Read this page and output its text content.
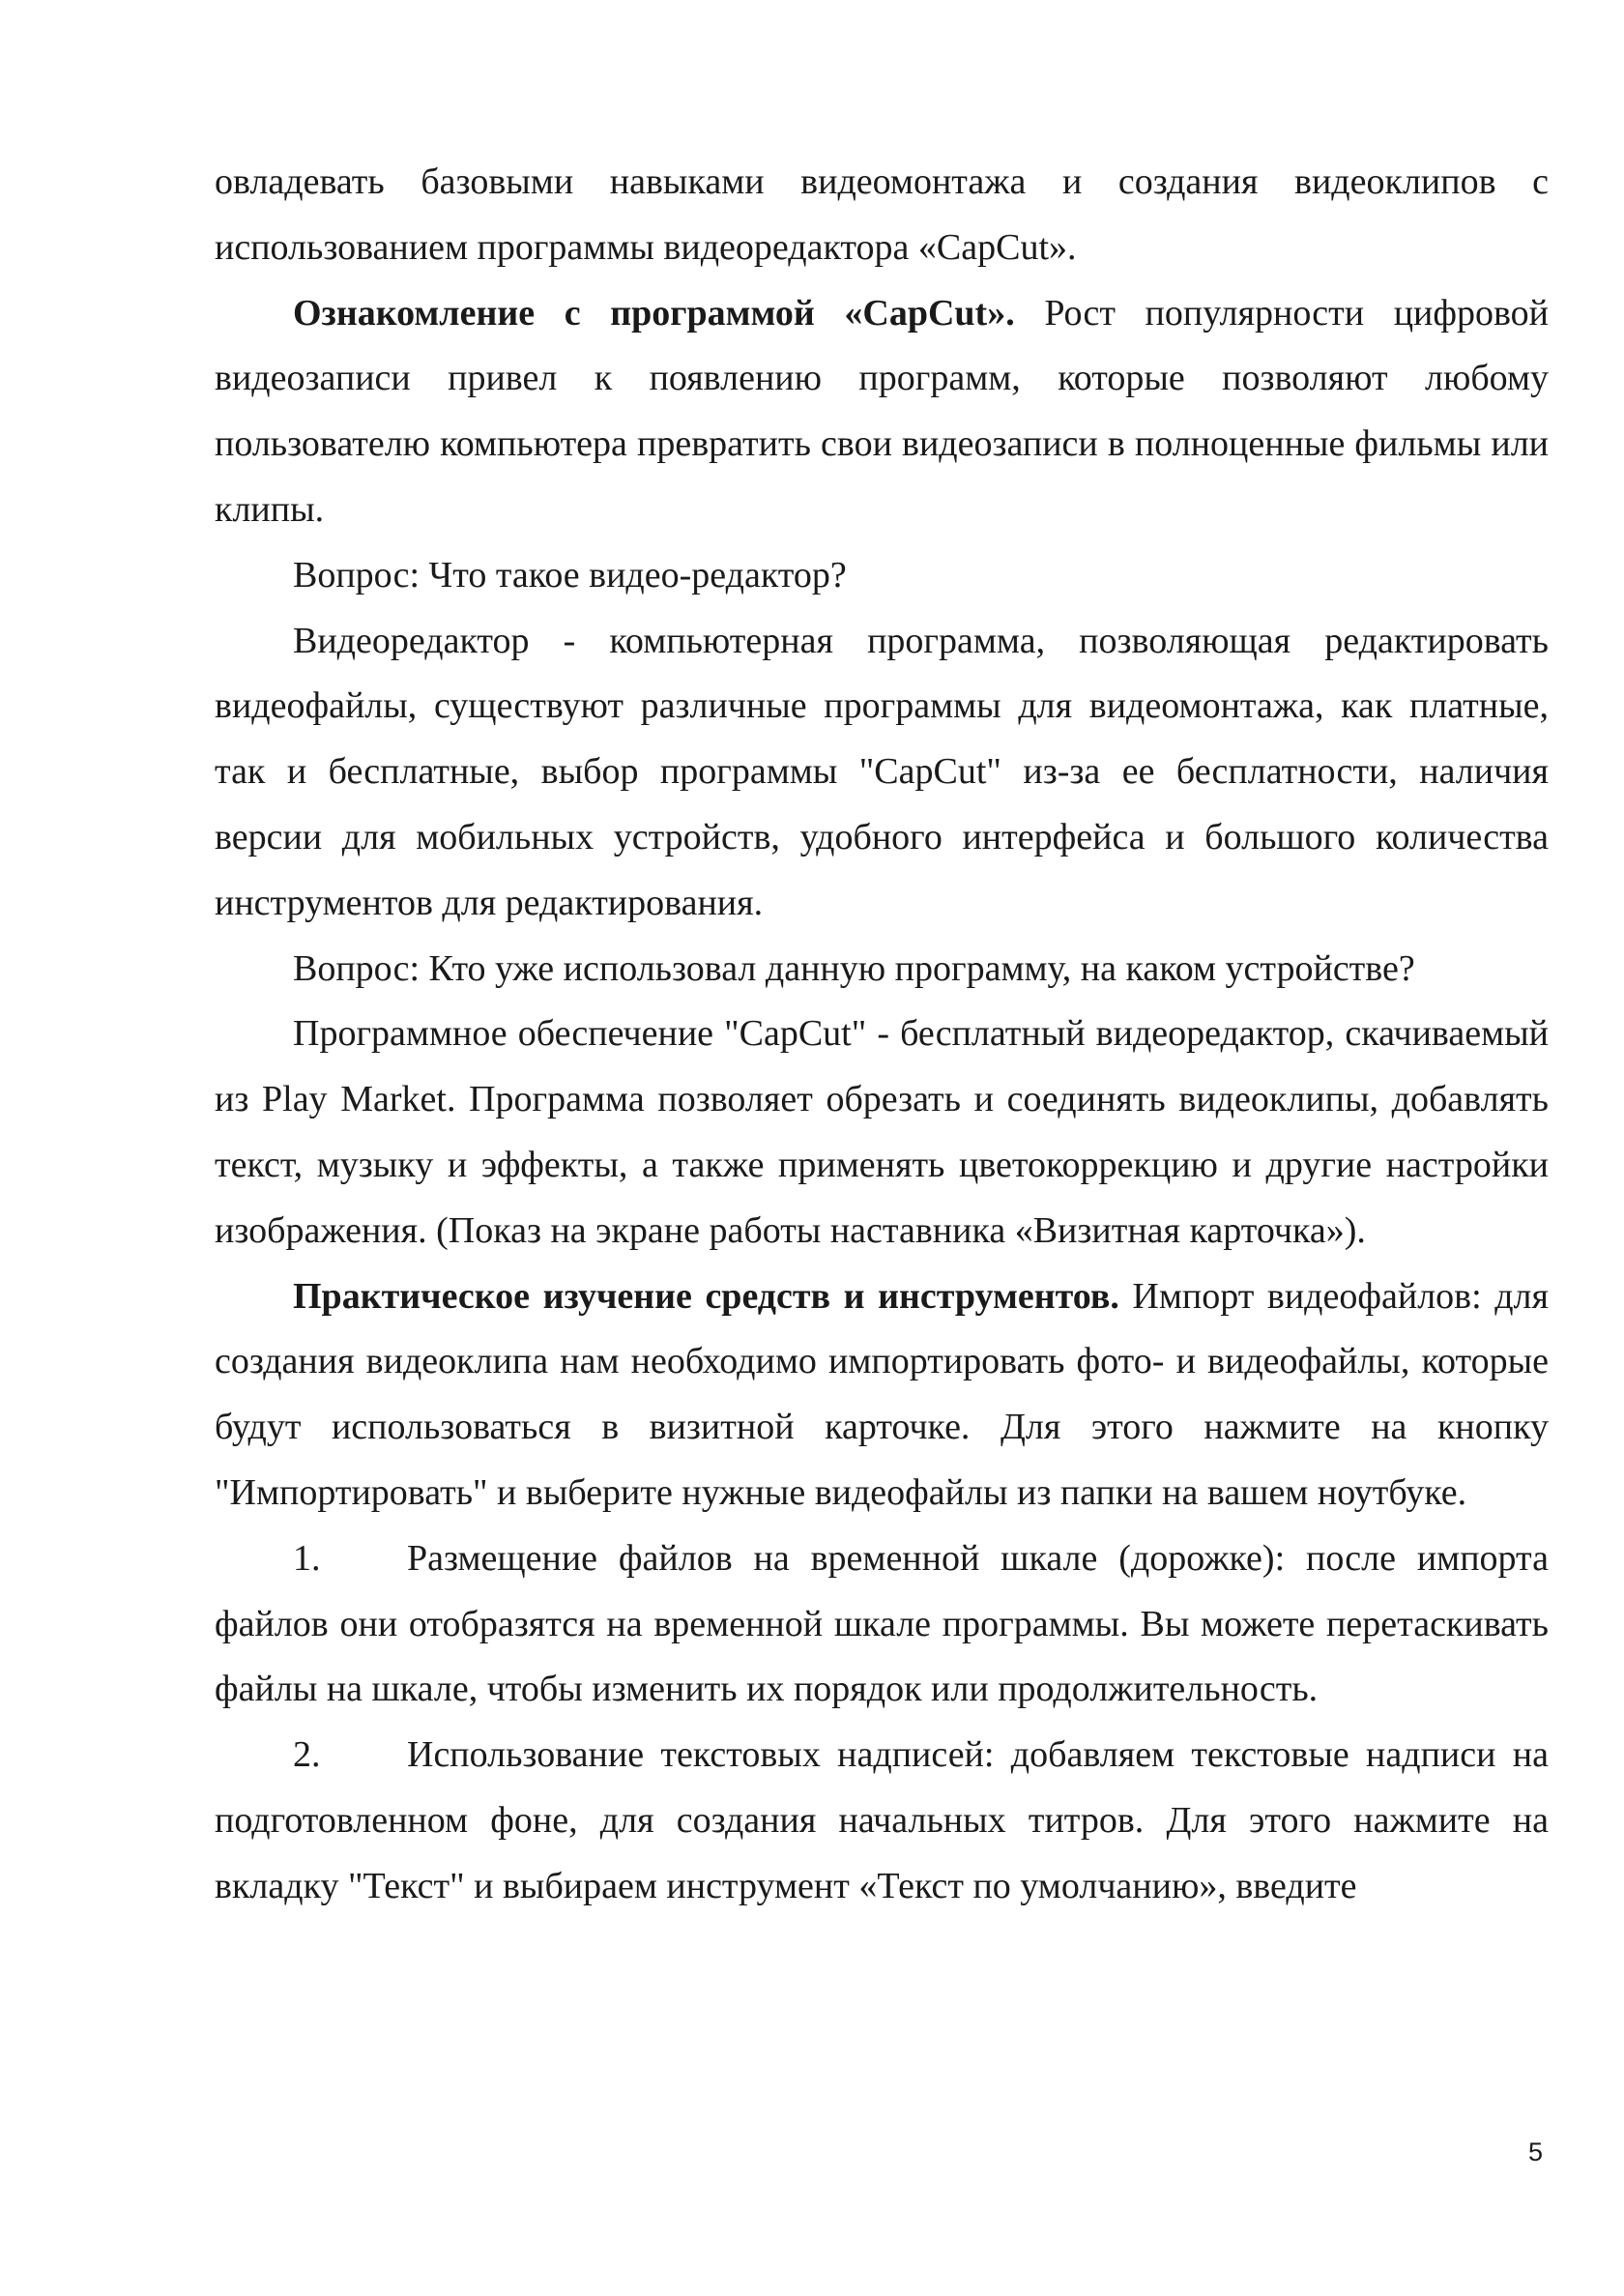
овладевать базовыми навыками видеомонтажа и создания видеоклипов с использованием программы видеоредактора «CapCut».

Ознакомление с программой «CapCut». Рост популярности цифровой видеозаписи привел к появлению программ, которые позволяют любому пользователю компьютера превратить свои видеозаписи в полноценные фильмы или клипы.

Вопрос: Что такое видео-редактор?

Видеоредактор - компьютерная программа, позволяющая редактировать видеофайлы, существуют различные программы для видеомонтажа, как платные, так и бесплатные, выбор программы "CapCut" из-за ее бесплатности, наличия версии для мобильных устройств, удобного интерфейса и большого количества инструментов для редактирования.

Вопрос: Кто уже использовал данную программу, на каком устройстве?

Программное обеспечение "CapCut" - бесплатный видеоредактор, скачиваемый из Play Market. Программа позволяет обрезать и соединять видеоклипы, добавлять текст, музыку и эффекты, а также применять цветокоррекцию и другие настройки изображения. (Показ на экране работы наставника «Визитная карточка»).

Практическое изучение средств и инструментов. Импорт видеофайлов: для создания видеоклипа нам необходимо импортировать фото- и видеофайлы, которые будут использоваться в визитной карточке. Для этого нажмите на кнопку "Импортировать" и выберите нужные видеофайлы из папки на вашем ноутбуке.

1. Размещение файлов на временной шкале (дорожке): после импорта файлов они отобразятся на временной шкале программы. Вы можете перетаскивать файлы на шкале, чтобы изменить их порядок или продолжительность.

2. Использование текстовых надписей: добавляем текстовые надписи на подготовленном фоне, для создания начальных титров. Для этого нажмите на вкладку "Текст" и выбираем инструмент «Текст по умолчанию», введите

5
